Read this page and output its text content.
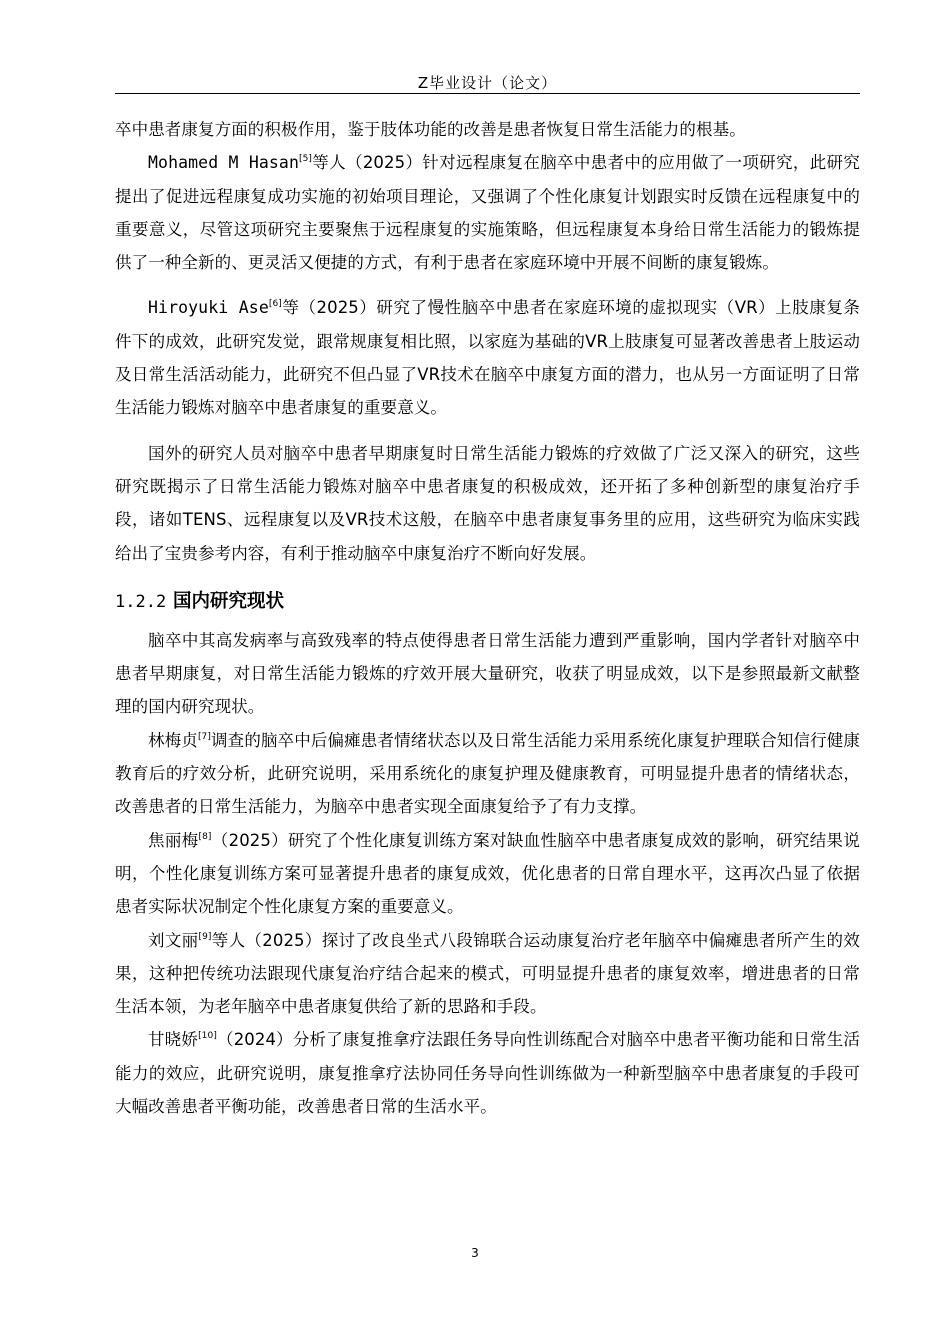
Z毕业设计（论文）

卒中患者康复方面的积极作用，鉴于肢体功能的改善是患者恢复日常生活能力的根基。

Mohamed M Hasan[5]等人（2025）针对远程康复在脑卒中患者中的应用做了一项研究，此研究提出了促进远程康复成功实施的初始项目理论，又强调了个性化康复计划跟实时反馈在远程康复中的重要意义，尽管这项研究主要聚焦于远程康复的实施策略，但远程康复本身给日常生活能力的锻炼提供了一种全新的、更灵活又便捷的方式，有利于患者在家庭环境中开展不间断的康复锻炼。

Hiroyuki Ase[6]等（2025）研究了慢性脑卒中患者在家庭环境的虚拟现实（VR）上肢康复条件下的成效，此研究发觉，跟常规康复相比照，以家庭为基础的VR上肢康复可显著改善患者上肢运动及日常生活活动能力，此研究不但凸显了VR技术在脑卒中康复方面的潜力，也从另一方面证明了日常生活能力锻炼对脑卒中患者康复的重要意义。

国外的研究人员对脑卒中患者早期康复时日常生活能力锻炼的疗效做了广泛又深入的研究，这些研究既揭示了日常生活能力锻炼对脑卒中患者康复的积极成效，还开拓了多种创新型的康复治疗手段，诸如TENS、远程康复以及VR技术这般，在脑卒中患者康复事务里的应用，这些研究为临床实践给出了宝贵参考内容，有利于推动脑卒中康复治疗不断向好发展。

1.2.2 国内研究现状

脑卒中其高发病率与高致残率的特点使得患者日常生活能力遭到严重影响，国内学者针对脑卒中患者早期康复，对日常生活能力锻炼的疗效开展大量研究，收获了明显成效，以下是参照最新文献整理的国内研究现状。

林梅贞[7]调查的脑卒中后偏瘫患者情绪状态以及日常生活能力采用系统化康复护理联合知信行健康教育后的疗效分析，此研究说明，采用系统化的康复护理及健康教育，可明显提升患者的情绪状态，改善患者的日常生活能力，为脑卒中患者实现全面康复给予了有力支撑。

焦丽梅[8]（2025）研究了个性化康复训练方案对缺血性脑卒中患者康复成效的影响，研究结果说明，个性化康复训练方案可显著提升患者的康复成效，优化患者的日常自理水平，这再次凸显了依据患者实际状况制定个性化康复方案的重要意义。

刘文丽[9]等人（2025）探讨了改良坐式八段锦联合运动康复治疗老年脑卒中偏瘫患者所产生的效果，这种把传统功法跟现代康复治疗结合起来的模式，可明显提升患者的康复效率，增进患者的日常生活本领，为老年脑卒中患者康复供给了新的思路和手段。

甘晓娇[10]（2024）分析了康复推拿疗法跟任务导向性训练配合对脑卒中患者平衡功能和日常生活能力的效应，此研究说明，康复推拿疗法协同任务导向性训练做为一种新型脑卒中患者康复的手段可大幅改善患者平衡功能，改善患者日常的生活水平。

3
